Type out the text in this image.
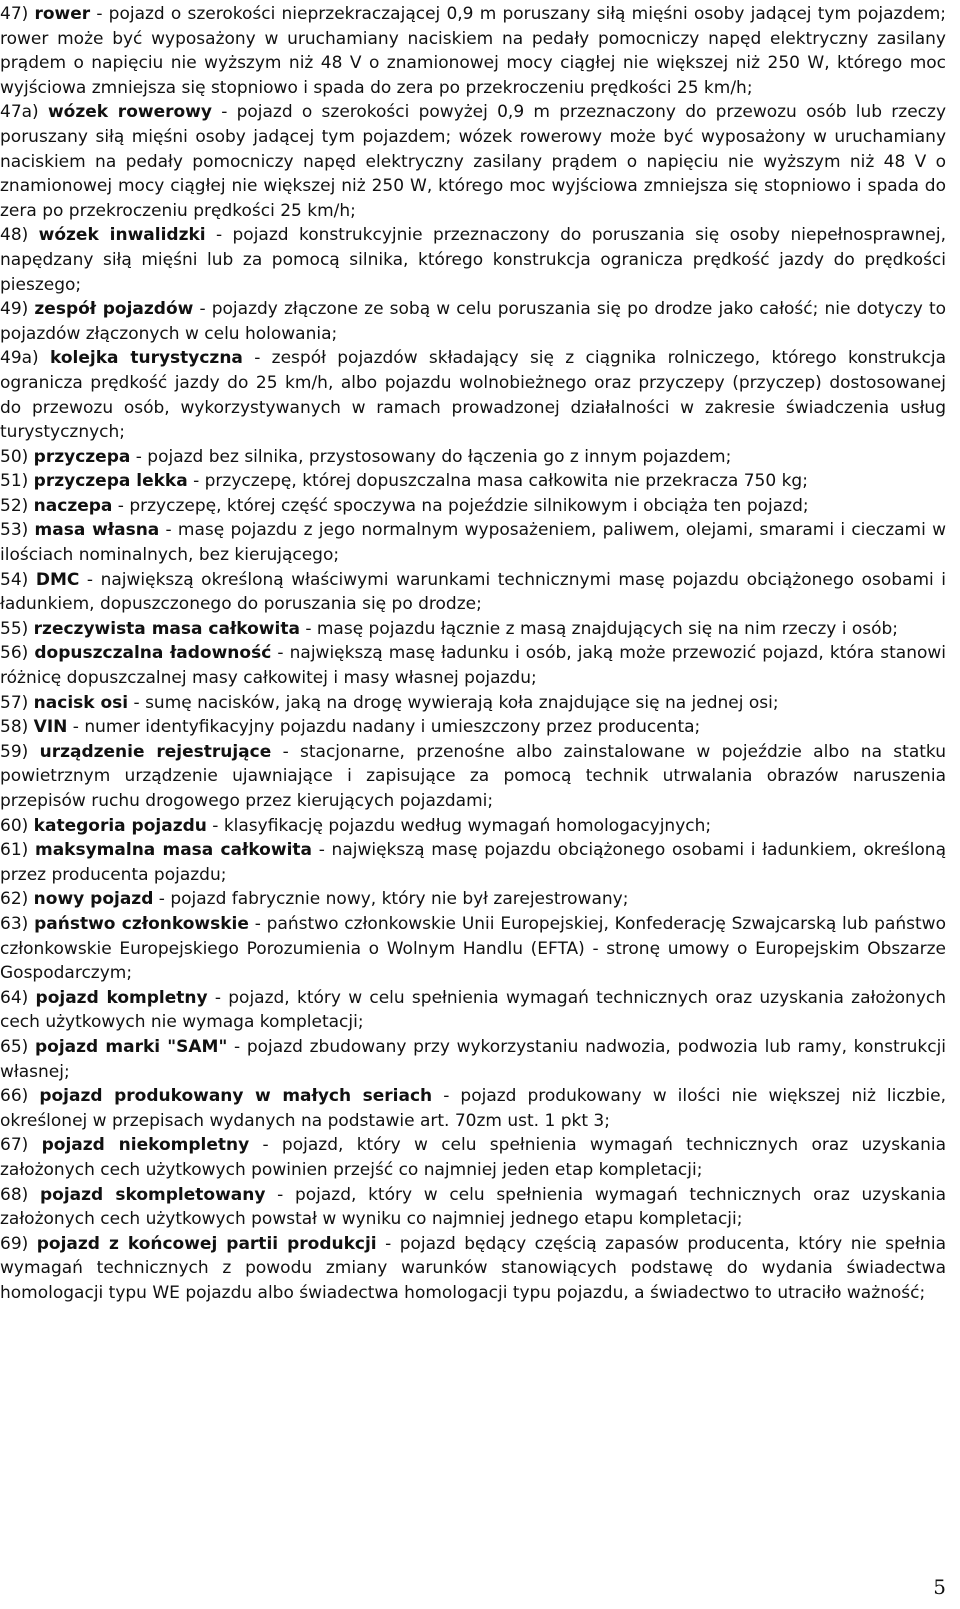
47) rower - pojazd o szerokości nieprzekraczającej 0,9 m poruszany siłą mięśni osoby jadącej tym pojazdem; rower może być wyposażony w uruchamiany naciskiem na pedały pomocniczy napęd elektryczny zasilany prądem o napięciu nie wyższym niż 48 V o znamionowej mocy ciągłej nie większej niż 250 W, którego moc wyjściowa zmniejsza się stopniowo i spada do zera po przekroczeniu prędkości 25 km/h;

47a) wózek rowerowy - pojazd o szerokości powyżej 0,9 m przeznaczony do przewozu osób lub rzeczy poruszany siłą mięśni osoby jadącej tym pojazdem; wózek rowerowy może być wyposażony w uruchamiany naciskiem na pedały pomocniczy napęd elektryczny zasilany prądem o napięciu nie wyższym niż 48 V o znamionowej mocy ciągłej nie większej niż 250 W, którego moc wyjściowa zmniejsza się stopniowo i spada do zera po przekroczeniu prędkości 25 km/h;

48) wózek inwalidzki - pojazd konstrukcyjnie przeznaczony do poruszania się osoby niepełnosprawnej, napędzany siłą mięśni lub za pomocą silnika, którego konstrukcja ogranicza prędkość jazdy do prędkości pieszego;

49) zespół pojazdów - pojazdy złączone ze sobą w celu poruszania się po drodze jako całość; nie dotyczy to pojazdów złączonych w celu holowania;

49a) kolejka turystyczna - zespół pojazdów składający się z ciągnika rolniczego, którego konstrukcja ogranicza prędkość jazdy do 25 km/h, albo pojazdu wolnobieżnego oraz przyczepy (przyczep) dostosowanej do przewozu osób, wykorzystywanych w ramach prowadzonej działalności w zakresie świadczenia usług turystycznych;

50) przyczepa - pojazd bez silnika, przystosowany do łączenia go z innym pojazdem;

51) przyczepa lekka - przyczepę, której dopuszczalna masa całkowita nie przekracza 750 kg;

52) naczepa - przyczepę, której część spoczywa na pojeździe silnikowym i obciąża ten pojazd;

53) masa własna - masę pojazdu z jego normalnym wyposażeniem, paliwem, olejami, smarami i cieczami w ilościach nominalnych, bez kierującego;

54) DMC - największą określoną właściwymi warunkami technicznymi masę pojazdu obciążonego osobami i ładunkiem, dopuszczonego do poruszania się po drodze;

55) rzeczywista masa całkowita - masę pojazdu łącznie z masą znajdujących się na nim rzeczy i osób;

56) dopuszczalna ładowność - największą masę ładunku i osób, jaką może przewozić pojazd, która stanowi różnicę dopuszczalnej masy całkowitej i masy własnej pojazdu;

57) nacisk osi - sumę nacisków, jaką na drogę wywierają koła znajdujące się na jednej osi;

58) VIN - numer identyfikacyjny pojazdu nadany i umieszczony przez producenta;

59) urządzenie rejestrujące - stacjonarne, przenośne albo zainstalowane w pojeździe albo na statku powietrznym urządzenie ujawniające i zapisujące za pomocą technik utrwalania obrazów naruszenia przepisów ruchu drogowego przez kierujących pojazdami;

60) kategoria pojazdu - klasyfikację pojazdu według wymagań homologacyjnych;

61) maksymalna masa całkowita - największą masę pojazdu obciążonego osobami i ładunkiem, określoną przez producenta pojazdu;

62) nowy pojazd - pojazd fabrycznie nowy, który nie był zarejestrowany;

63) państwo członkowskie - państwo członkowskie Unii Europejskiej, Konfederację Szwajcarską lub państwo członkowskie Europejskiego Porozumienia o Wolnym Handlu (EFTA) - stronę umowy o Europejskim Obszarze Gospodarczym;

64) pojazd kompletny - pojazd, który w celu spełnienia wymagań technicznych oraz uzyskania założonych cech użytkowych nie wymaga kompletacji;

65) pojazd marki "SAM" - pojazd zbudowany przy wykorzystaniu nadwozia, podwozia lub ramy, konstrukcji własnej;

66) pojazd produkowany w małych seriach - pojazd produkowany w ilości nie większej niż liczbie, określonej w przepisach wydanych na podstawie art. 70zm ust. 1 pkt 3;

67) pojazd niekompletny - pojazd, który w celu spełnienia wymagań technicznych oraz uzyskania założonych cech użytkowych powinien przejść co najmniej jeden etap kompletacji;

68) pojazd skompletowany - pojazd, który w celu spełnienia wymagań technicznych oraz uzyskania założonych cech użytkowych powstał w wyniku co najmniej jednego etapu kompletacji;

69) pojazd z końcowej partii produkcji - pojazd będący częścią zapasów producenta, który nie spełnia wymagań technicznych z powodu zmiany warunków stanowiących podstawę do wydania świadectwa homologacji typu WE pojazdu albo świadectwa homologacji typu pojazdu, a świadectwo to utraciło ważność;

5
